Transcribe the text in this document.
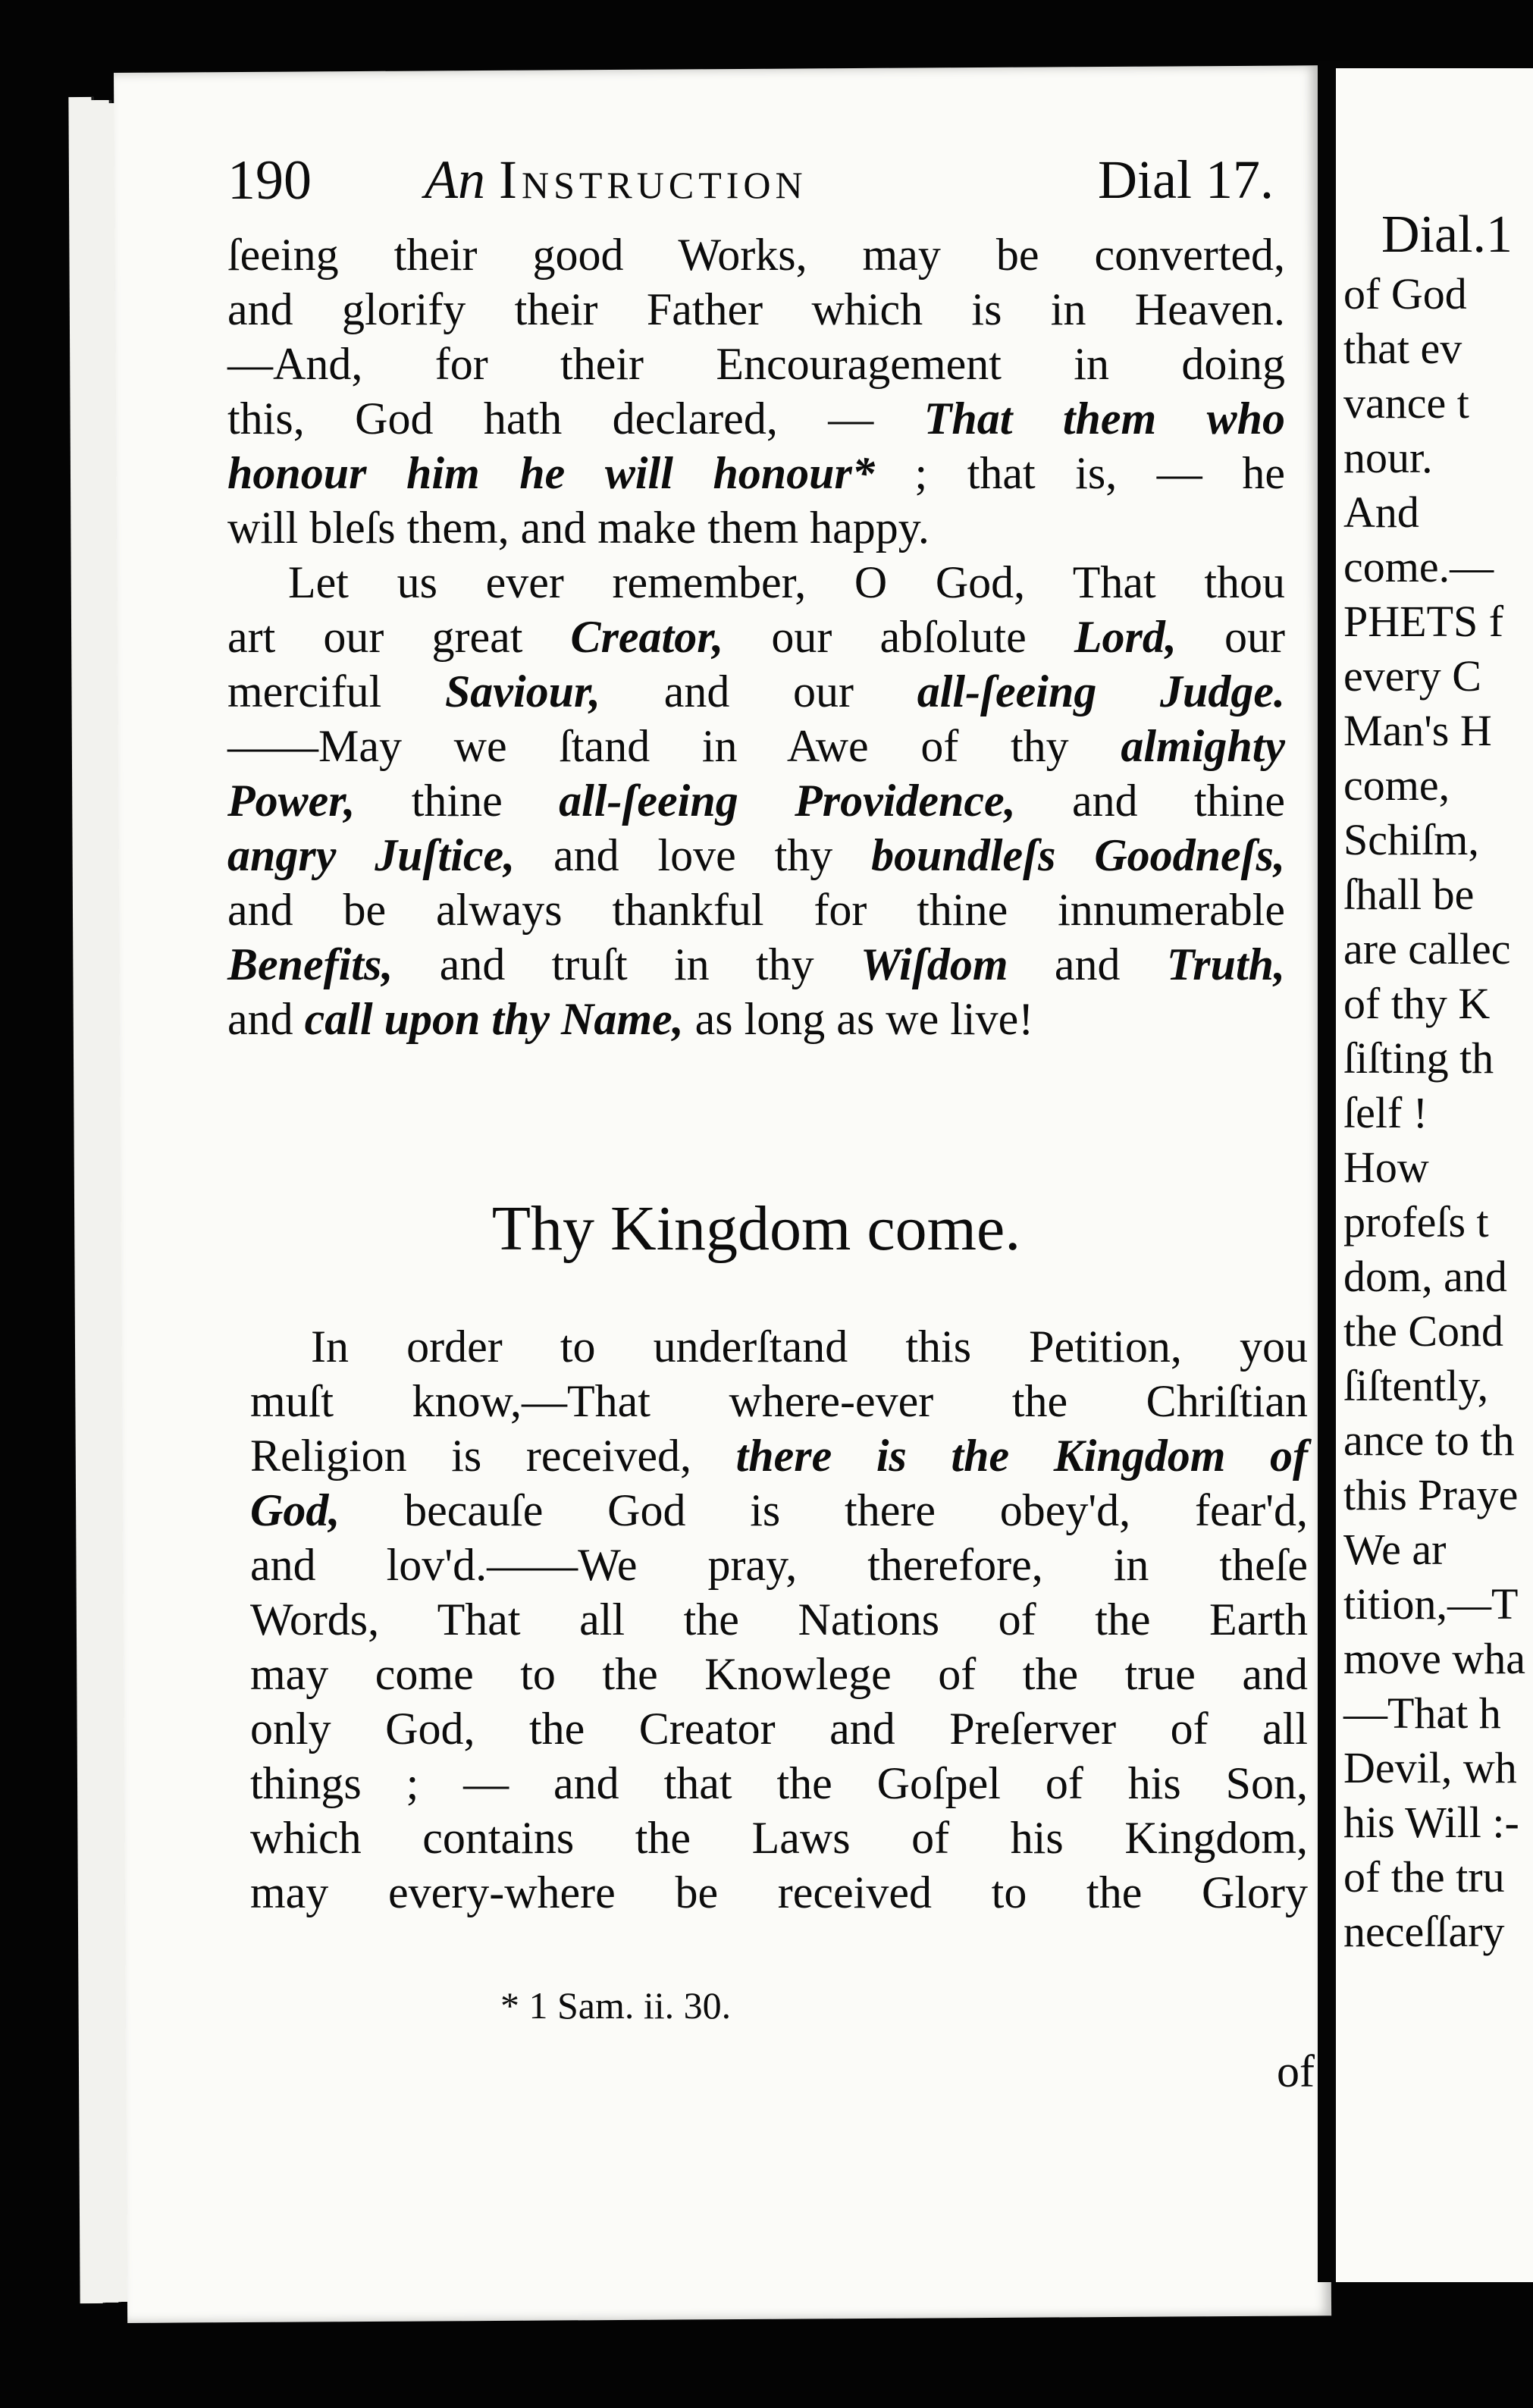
Dial.1
of God
that ev
vance t
nour.
And
come.—
PHETS f
every C
Man's H
come,
Schiſm,
ſhall be
are callec
of thy K
ſiſting th
ſelf !
How
profeſs t
dom, and
the Cond
ſiſtently,
ance to th
this Praye
We ar
tition,—T
move wha
—That h
Devil, wh
his Will :-
of the tru
neceſſary
190 An Instruction	Dial 17.
ſeeing their good Works, may be converted,
and glorify their Father which is in Heaven.
—And, for their Encouragement in doing
this, God hath declared, — That them who
honour him he will honour* ; that is, — he
will bleſs them, and make them happy.
Let us ever remember, O God, That thou
art our great Creator, our abſolute Lord, our
merciful Saviour, and our all-ſeeing Judge.
——May we ſtand in Awe of thy almighty
Power, thine all-ſeeing Providence, and thine
angry Juſtice, and love thy boundleſs Goodneſs,
and be always thankful for thine innumerable
Benefits, and truſt in thy Wiſdom and Truth,
and call upon thy Name, as long as we live!
Thy Kingdom come.
In order to underſtand this Petition, you
muſt know,—That where-ever the Chriſtian
Religion is received, there is the Kingdom of
God, becauſe God is there obey'd, fear'd,
and lov'd.——We pray, therefore, in theſe
Words, That all the Nations of the Earth
may come to the Knowlege of the true and
only God, the Creator and Preſerver of all
things ; — and that the Goſpel of his Son,
which contains the Laws of his Kingdom,
may every-where be received to the Glory
* 1 Sam. ii. 30.
of
